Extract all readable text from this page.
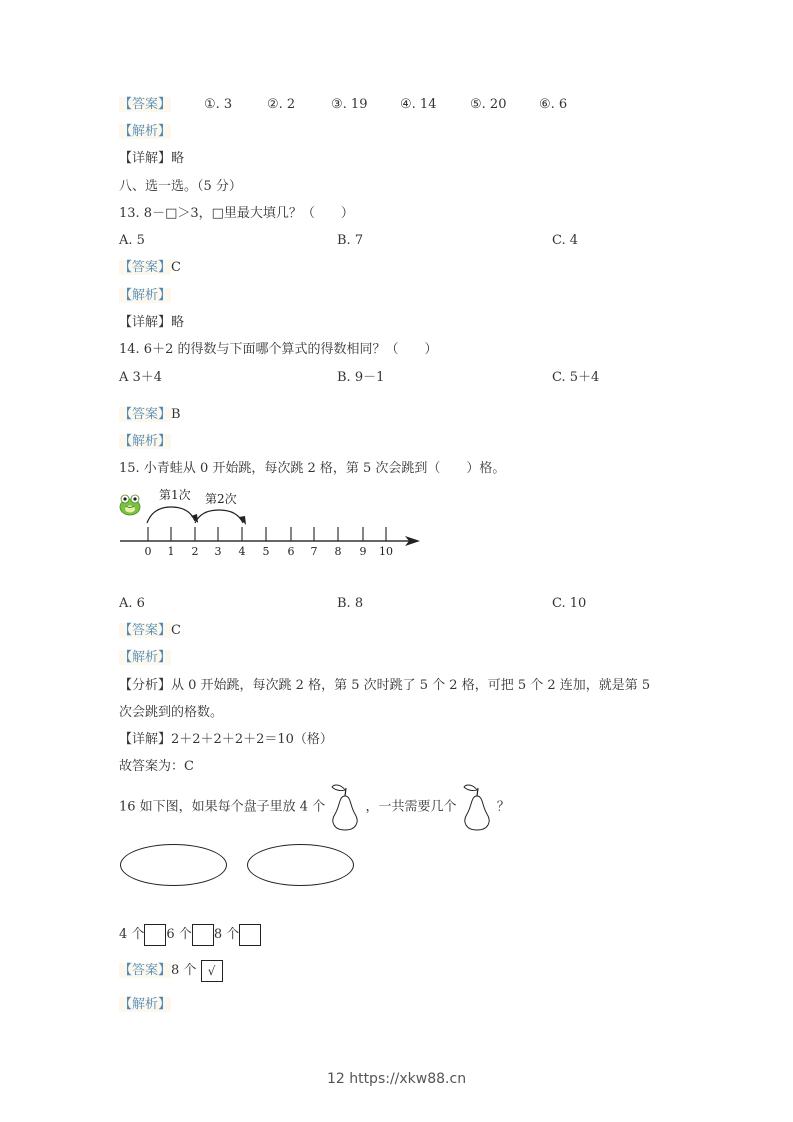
【答案】	①. 3	②. 2	③. 19	④. 14	⑤. 20	⑥. 6
【解析】
【详解】略
八、选一选。（5 分）
13. 8－□＞3，□里最大填几？（　　）
A. 5	B. 7	C. 4
【答案】C
【解析】
【详解】略
14. 6＋2 的得数与下面哪个算式的得数相同？（　　）
A 3＋4	B. 9－1	C. 5＋4
【答案】B
【解析】
15. 小青蛙从 0 开始跳，每次跳 2 格，第 5 次会跳到（　　）格。
第1次 第2次
0 1 2 3 4 5 6 7 8 9 10
A. 6	B. 8	C. 10
【答案】C
【解析】
【分析】从 0 开始跳，每次跳 2 格，第 5 次时跳了 5 个 2 格，可把 5 个 2 连加，就是第 5
次会跳到的格数。
【详解】2＋2＋2＋2＋2＝10（格）
故答案为：C
16 如下图，如果每个盘子里放 4 个	，一共需要几个	？
4 个 6 个 8 个
【答案】8 个 √
【解析】
12 https://xkw88.cn
